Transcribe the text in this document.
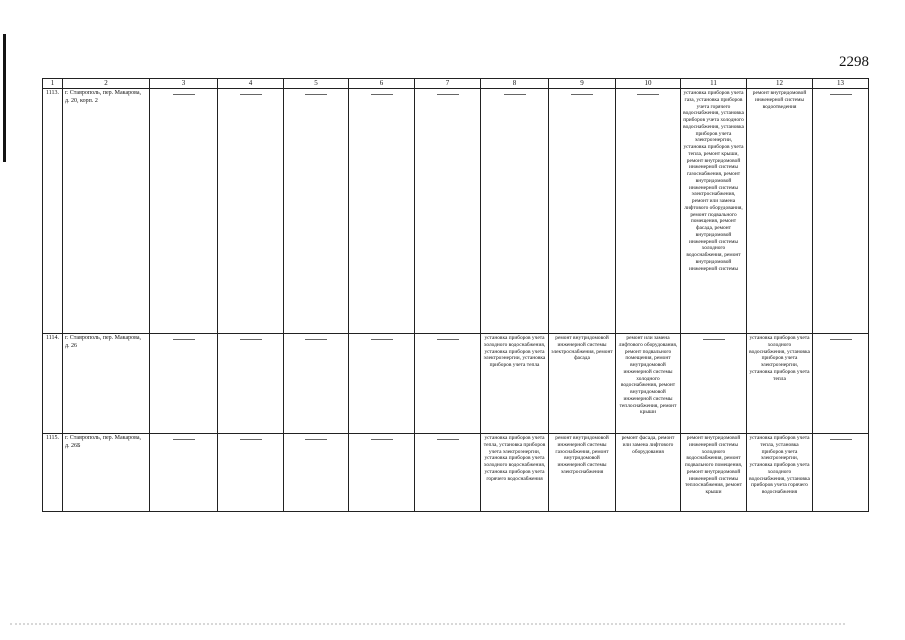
2298
1	2	3	4	5	6	7	8	9	10	11	12	13
1113.	г. Ставрополь, пер. Макарова, д. 20, корп. 2									установка приборов учета газа, установка приборов учета горячего водоснабжения, установка приборов учета холодного водоснабжения, установка приборов учета электроэнергии, установка приборов учета тепла, ремонт крыши, ремонт внутридомовой инженерной системы газоснабжения, ремонт внутридомовой инженерной системы электроснабжения, ремонт или замена лифтового оборудования, ремонт подвального помещения, ремонт фасада, ремонт внутридомовой инженерной системы холодного водоснабжения, ремонт внутридомовой инженерной системы	ремонт внутридомовой инженерной системы водоотведения	
1114.	г. Ставрополь, пер. Макарова, д. 26						установка приборов учета холодного водоснабжения, установка приборов учета электроэнергии, установка приборов учета тепла	ремонт внутридомовой инженерной системы электроснабжения, ремонт фасада	ремонт или замена лифтового оборудования, ремонт подвального помещения, ремонт внутридомовой инженерной системы холодного водоснабжения, ремонт внутридомовой инженерной системы теплоснабжения, ремонт крыши		установка приборов учета холодного водоснабжения, установка приборов учета электроэнергии, установка приборов учета тепла	
1115.	г. Ставрополь, пер. Макарова, д. 26Б						установка приборов учета тепла, установка приборов учета электроэнергии, установка приборов учета холодного водоснабжения, установка приборов учета горячего водоснабжения	ремонт внутридомовой инженерной системы газоснабжения, ремонт внутридомовой инженерной системы электроснабжения	ремонт фасада, ремонт или замена лифтового оборудования	ремонт внутридомовой инженерной системы холодного водоснабжения, ремонт подвального помещения, ремонт внутридомовой инженерной системы теплоснабжения, ремонт крыши	установка приборов учета тепла, установка приборов учета электроэнергии, установка приборов учета холодного водоснабжения, установка приборов учета горячего водоснабжения	
